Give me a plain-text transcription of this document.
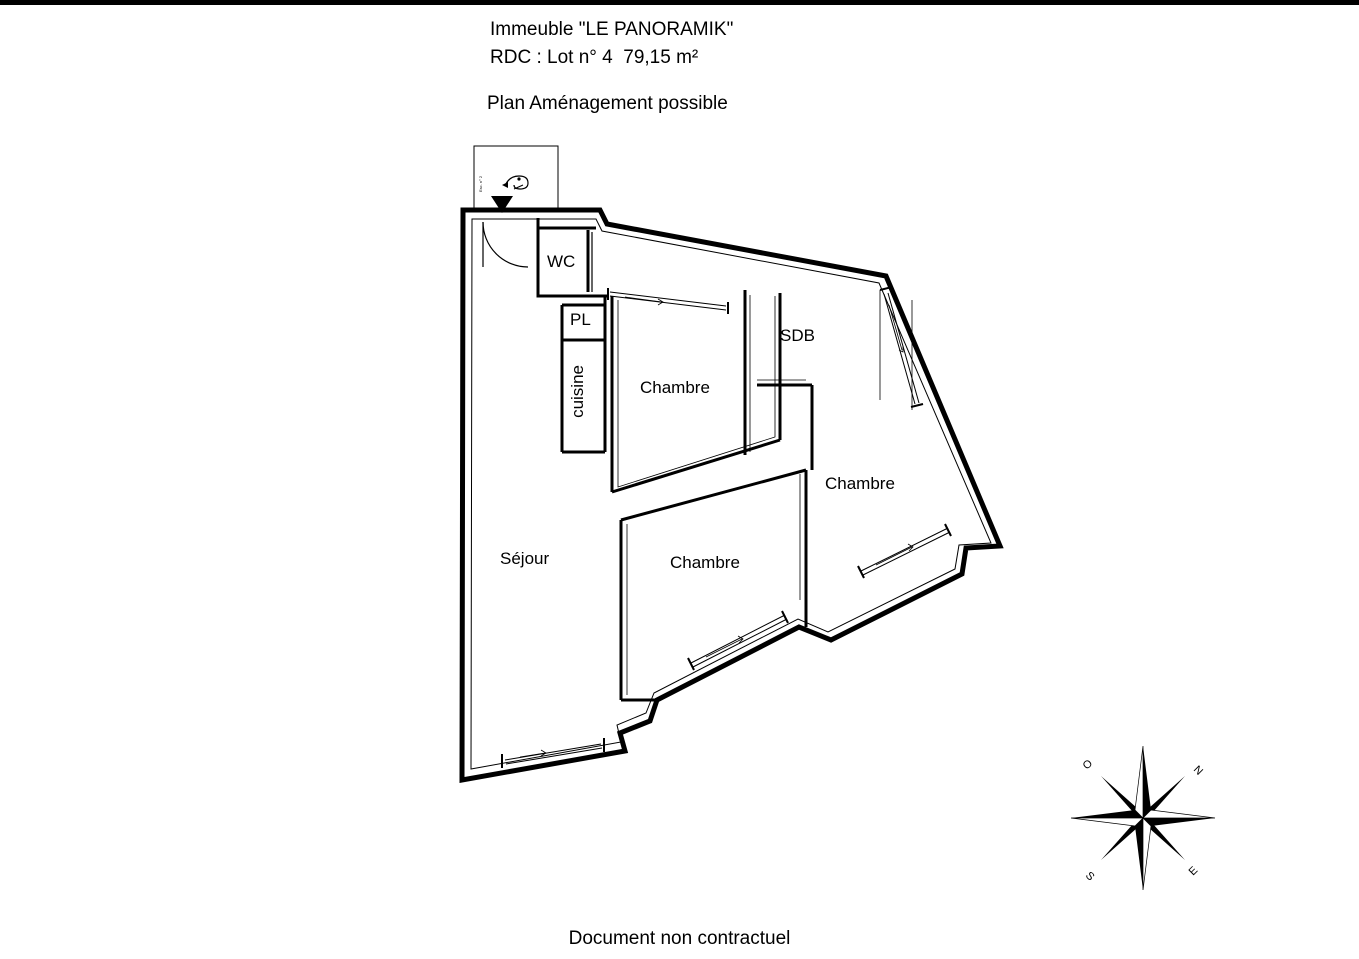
Immeuble "LE PANORAMIK"
RDC : Lot n° 4  79,15 m²
Plan Aménagement possible
Esc. n° 2
N
O
S	E
WC
PL
cuisine	Chambre
SDB
Chambre
Chambre
Séjour
Document non contractuel
